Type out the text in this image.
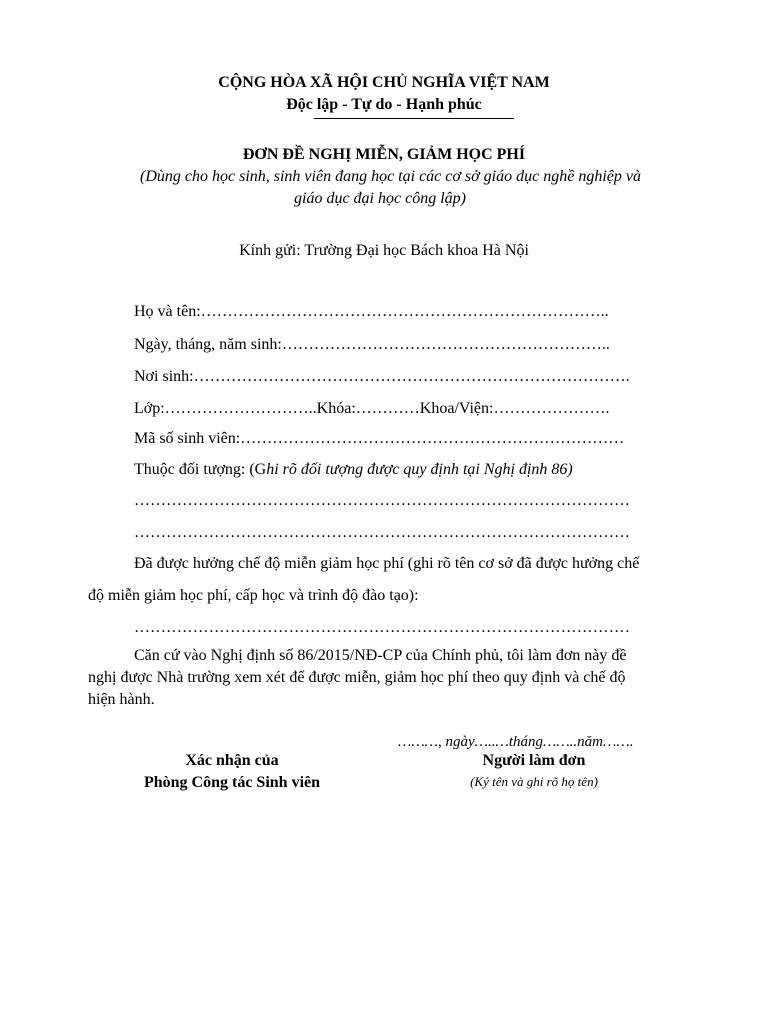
CỘNG HÒA XÃ HỘI CHỦ NGHĨA VIỆT NAM
Độc lập - Tự do - Hạnh phúc
ĐƠN ĐỀ NGHỊ MIỄN, GIẢM HỌC PHÍ
(Dùng cho học sinh, sinh viên đang học tại các cơ sở giáo dục nghề nghiệp và
giáo dục đại học công lập)
Kính gửi: Trường Đại học Bách khoa Hà Nội
Họ và tên:…………………………………………………………………..
Ngày, tháng, năm sinh:……………………………………………………..
Nơi sinh:……………………………………………………………………….
Lớp:………………………..Khóa:…………Khoa/Viện:………………….
Mã số sinh viên:………………………………………………………………
Thuộc đối tượng: (Ghi rõ đối tượng được quy định tại Nghị định 86)
…………………………………………………………………………………
…………………………………………………………………………………
Đã được hưởng chế độ miễn giảm học phí (ghi rõ tên cơ sở đã được hưởng chế
độ miễn giảm học phí, cấp học và trình độ đào tạo):
…………………………………………………………………………………
Căn cứ vào Nghị định số 86/2015/NĐ-CP của Chính phủ, tôi làm đơn này đề
nghị được Nhà trường xem xét để được miễn, giảm học phí theo quy định và chế độ
hiện hành.
………, ngày…..…tháng……..năm…….
Xác nhận của
Phòng Công tác Sinh viên
Người làm đơn
(Ký tên và ghi rõ họ tên)
